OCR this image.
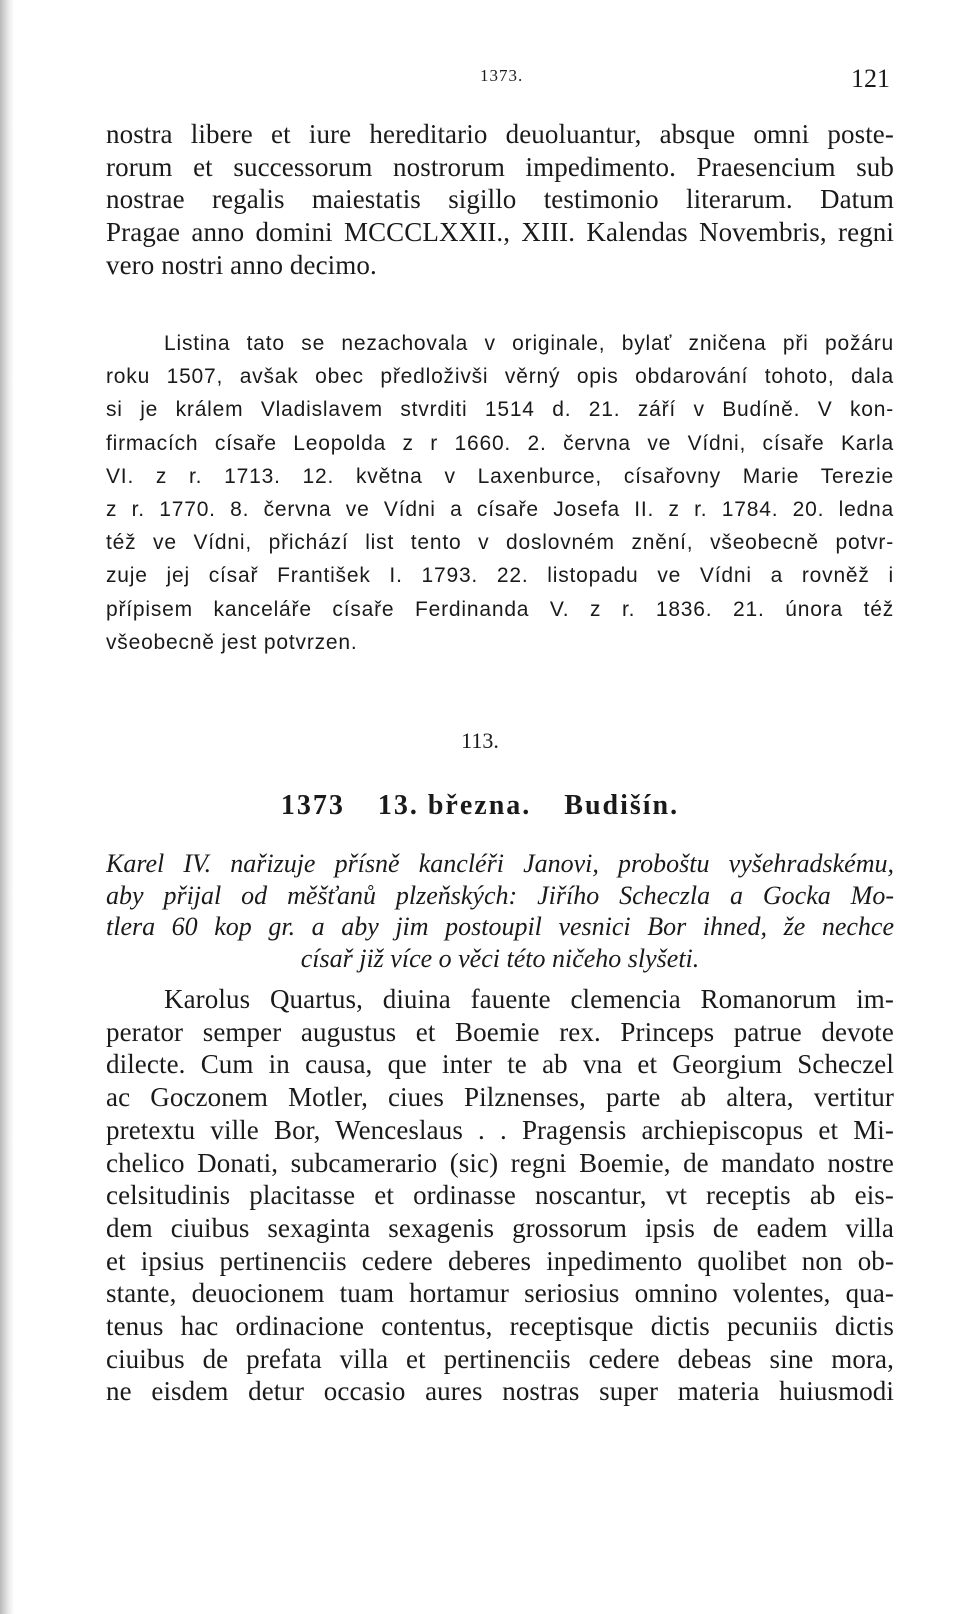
1373.	121
nostra libere et iure hereditario deuoluantur, absque omni poste-
rorum et successorum nostrorum impedimento. Praesencium sub
nostrae regalis maiestatis sigillo testimonio literarum. Datum
Pragae anno domini MCCCLXXII., XIII. Kalendas Novembris, regni
vero nostri anno decimo.
Listina tato se nezachovala v originale, bylať zničena při požáru
roku 1507, avšak obec předloživši věrný opis obdarování tohoto, dala
si je králem Vladislavem stvrditi 1514 d. 21. září v Budíně. V kon-
firmacích císaře Leopolda z r 1660. 2. června ve Vídni, císaře Karla
VI. z r. 1713. 12. května v Laxenburce, císařovny Marie Terezie
z r. 1770. 8. června ve Vídni a císaře Josefa II. z r. 1784. 20. ledna
též ve Vídni, přichází list tento v doslovném znění, všeobecně potvr-
zuje jej císař František I. 1793. 22. listopadu ve Vídni a rovněž i
přípisem kanceláře císaře Ferdinanda V. z r. 1836. 21. února též
všeobecně jest potvrzen.
113.
1373 13. března. Budišín.
Karel IV. nařizuje přísně kancléři Janovi, proboštu vyšehradskému,
aby přijal od měšťanů plzeňských: Jiřího Scheczla a Gocka Mo-
tlera 60 kop gr. a aby jim postoupil vesnici Bor ihned, že nechce
císař již více o věci této ničeho slyšeti.
Karolus Quartus, diuina fauente clemencia Romanorum im-
perator semper augustus et Boemie rex. Princeps patrue devote
dilecte. Cum in causa, que inter te ab vna et Georgium Scheczel
ac Goczonem Motler, ciues Pilznenses, parte ab altera, vertitur
pretextu ville Bor, Wenceslaus . . Pragensis archiepiscopus et Mi-
chelico Donati, subcamerario (sic) regni Boemie, de mandato nostre
celsitudinis placitasse et ordinasse noscantur, vt receptis ab eis-
dem ciuibus sexaginta sexagenis grossorum ipsis de eadem villa
et ipsius pertinenciis cedere deberes inpedimento quolibet non ob-
stante, deuocionem tuam hortamur seriosius omnino volentes, qua-
tenus hac ordinacione contentus, receptisque dictis pecuniis dictis
ciuibus de prefata villa et pertinenciis cedere debeas sine mora,
ne eisdem detur occasio aures nostras super materia huiusmodi
